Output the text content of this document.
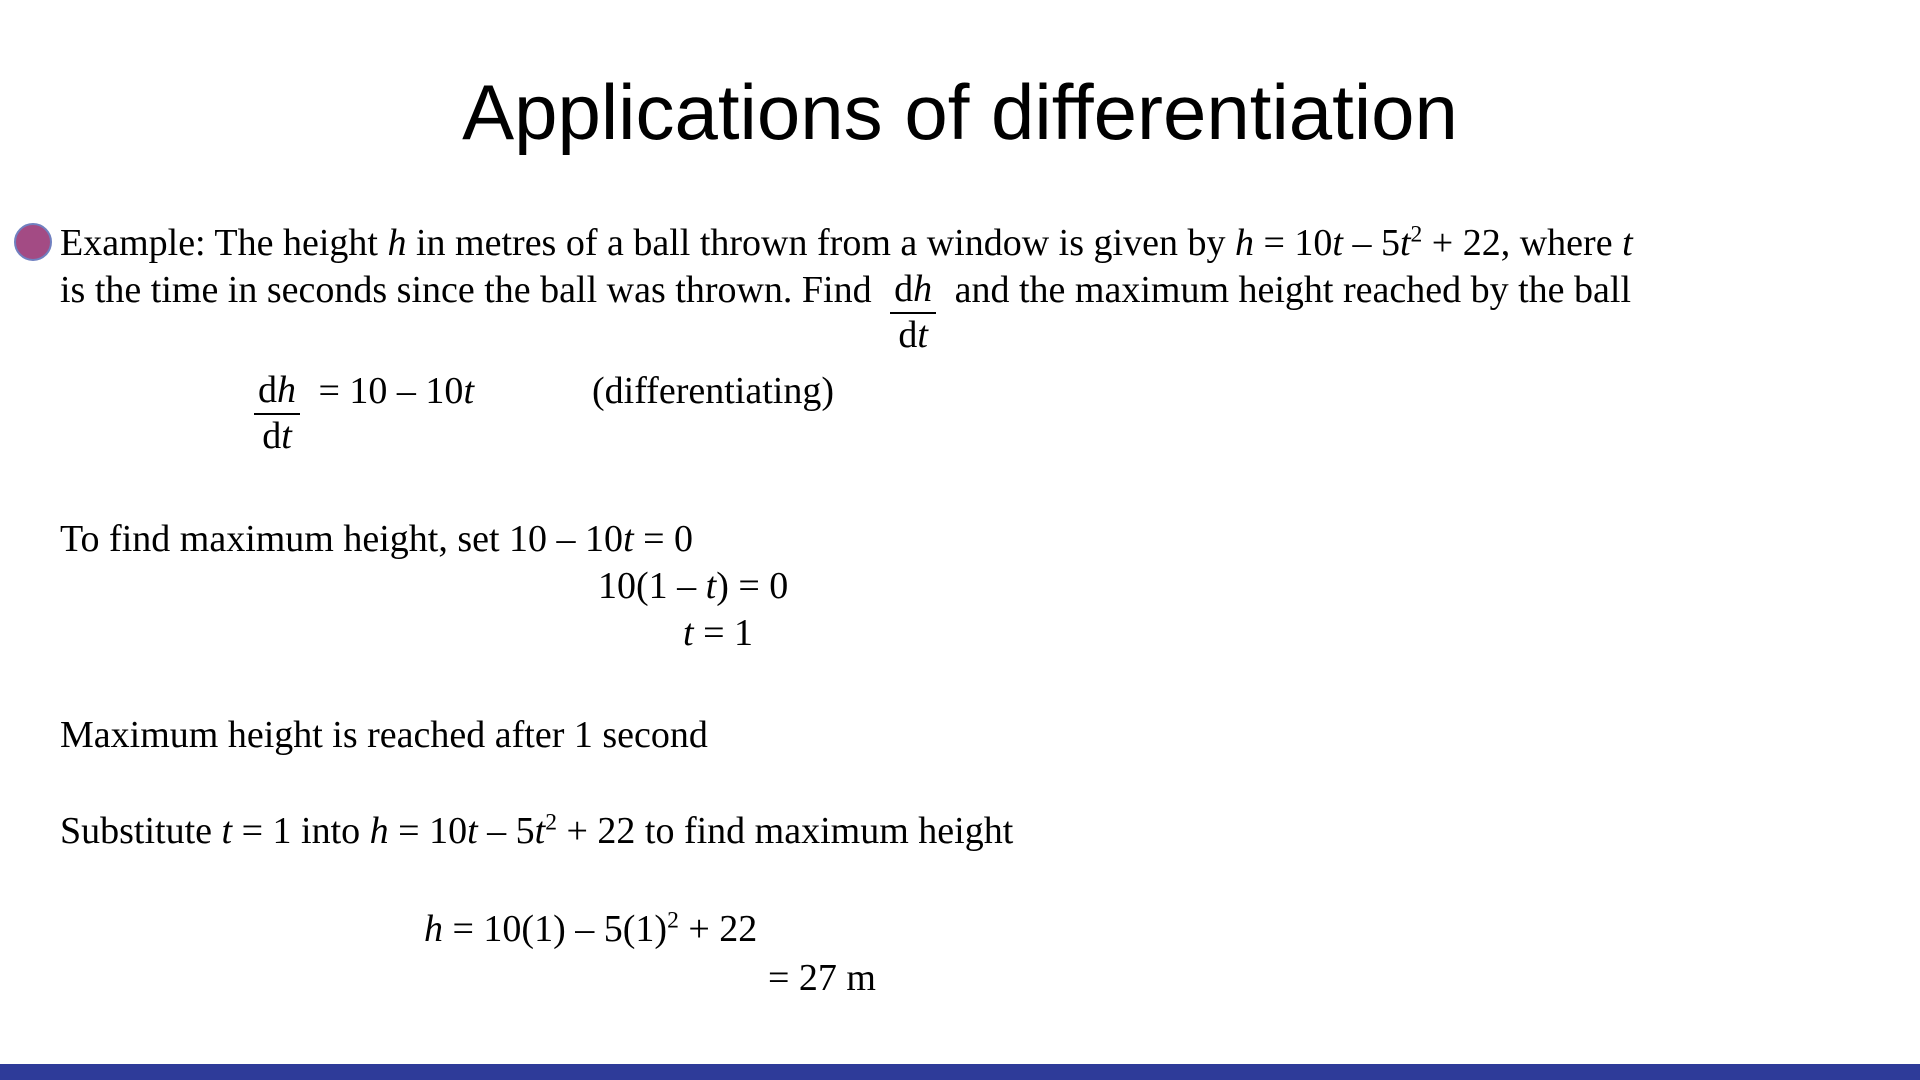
Applications of differentiation
Example: The height h in metres of a ball thrown from a window is given by $h = 10t - 5t^2 + 22$, where t
is the time in seconds since the ball was thrown. Find $\frac{dh}{dt}$ and the maximum height reached by the ball
$\frac{dh}{dt} = 10 - 10t$	(differentiating)
To find maximum height, set 10 – 10t = 0
10(1 – t) = 0
t = 1
Maximum height is reached after 1 second
Substitute t = 1 into $h = 10t - 5t^2 + 22$ to find maximum height
$h = 10(1) - 5(1)^2 + 22$
= 27 m
